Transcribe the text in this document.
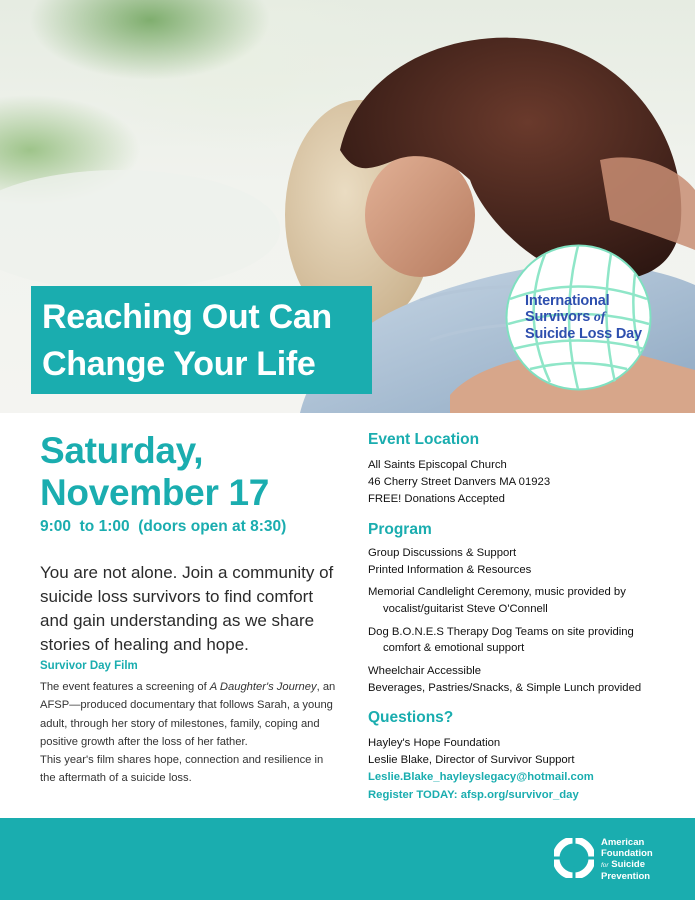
Reaching Out Can
Change Your Life
International
Survivors of
Suicide Loss Day
Saturday,
November 17
9:00  to 1:00  (doors open at 8:30)

You are not alone. Join a community of suicide loss survivors to find comfort and gain understanding as we share stories of healing and hope.

Survivor Day Film

The event features a screening of A Daughter's Journey, an AFSP—produced documentary that follows Sarah, a young adult, through her story of milestones, family, coping and positive growth after the loss of her father.

This year's film shares hope, connection and resilience in the aftermath of a suicide loss.

Event Location
All Saints Episcopal Church
46 Cherry Street Danvers MA 01923
FREE! Donations Accepted
Program
Group Discussions & Support
Printed Information & Resources
Memorial Candlelight Ceremony, music provided by
vocalist/guitarist Steve O'Connell
Dog B.O.N.E.S Therapy Dog Teams on site providing
comfort & emotional support
Wheelchair Accessible
Beverages, Pastries/Snacks, & Simple Lunch provided
Questions?
Hayley's Hope Foundation
Leslie Blake, Director of Survivor Support
Leslie.Blake_hayleyslegacy@hotmail.com
Register TODAY: afsp.org/survivor_day
American
Foundation
for Suicide
Prevention
